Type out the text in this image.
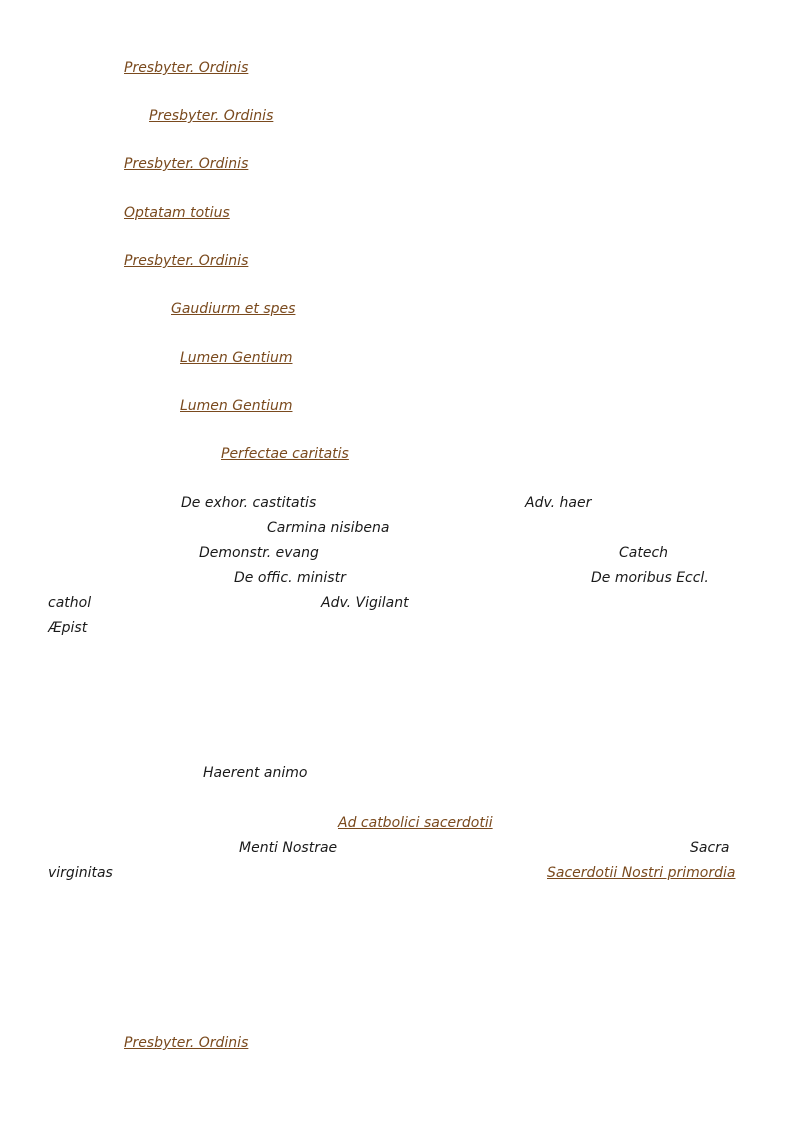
Presbyter. Ordinis
Presbyter. Ordinis
Presbyter. Ordinis
Optatam totius
Presbyter. Ordinis
Gaudiurm et spes
Lumen Gentium
Lumen Gentium
Perfectae caritatis
De exhor. castitatis	Adv. haer
Carmina nisibena
Demonstr. evang	Catech
De offic. ministr	De moribus Eccl.
cathol	Adv. Vigilant
Æpist
Haerent animo
Ad catbolici sacerdotii
Menti Nostrae	Sacra
virginitas	Sacerdotii Nostri primordia
Presbyter. Ordinis
